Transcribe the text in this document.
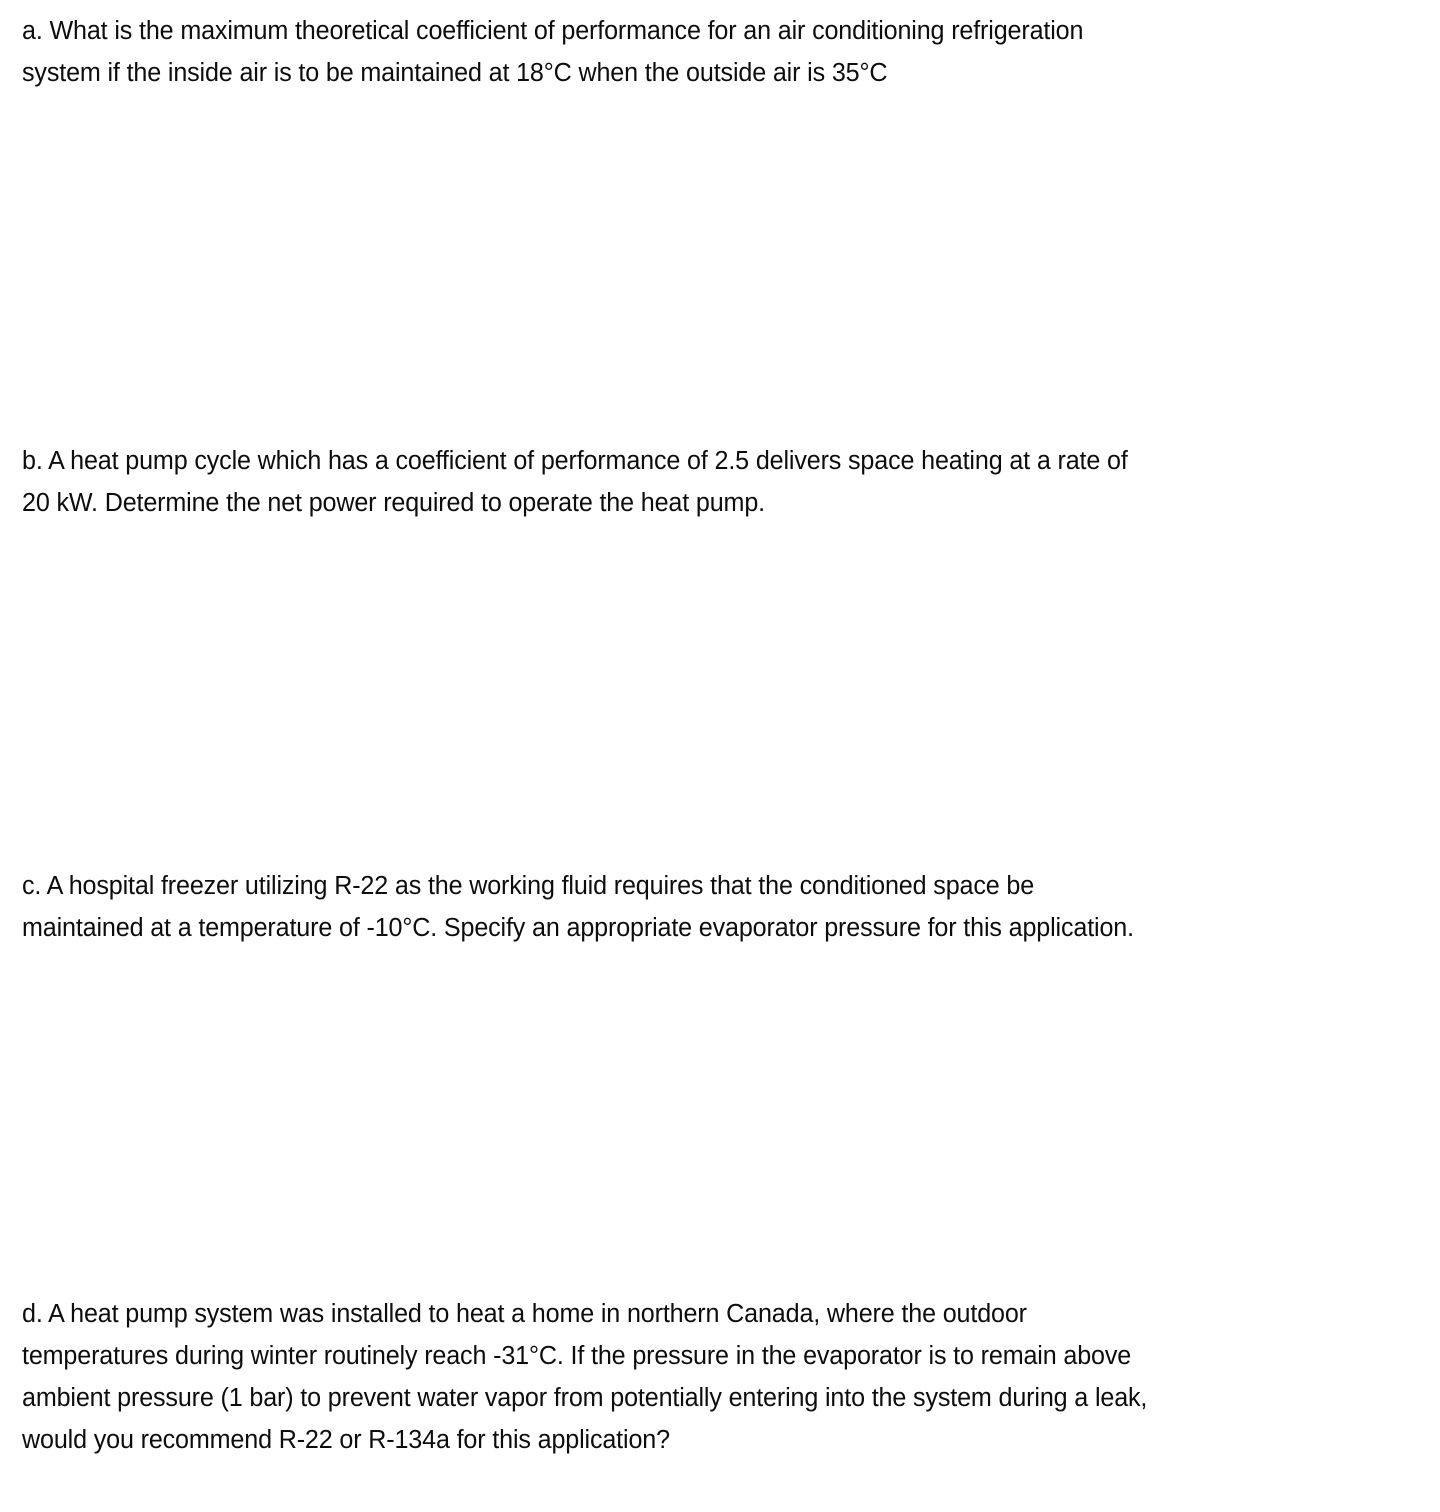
a. What is the maximum theoretical coefficient of performance for an air conditioning refrigeration
system if the inside air is to be maintained at 18°C when the outside air is 35°C
b. A heat pump cycle which has a coefficient of performance of 2.5 delivers space heating at a rate of
20 kW. Determine the net power required to operate the heat pump.
c. A hospital freezer utilizing R-22 as the working fluid requires that the conditioned space be
maintained at a temperature of -10°C. Specify an appropriate evaporator pressure for this application.
d. A heat pump system was installed to heat a home in northern Canada, where the outdoor
temperatures during winter routinely reach -31°C. If the pressure in the evaporator is to remain above
ambient pressure (1 bar) to prevent water vapor from potentially entering into the system during a leak,
would you recommend R-22 or R-134a for this application?
